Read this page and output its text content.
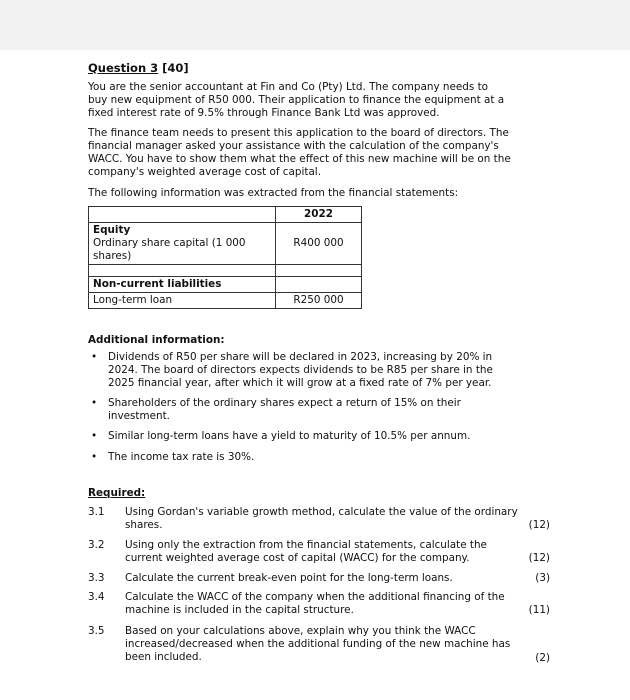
Question 3 [40]
You are the senior accountant at Fin and Co (Pty) Ltd. The company needs to
buy new equipment of R50 000. Their application to finance the equipment at a
fixed interest rate of 9.5% through Finance Bank Ltd was approved.
The finance team needs to present this application to the board of directors. The
financial manager asked your assistance with the calculation of the company's
WACC. You have to show them what the effect of this new machine will be on the
company's weighted average cost of capital.
The following information was extracted from the financial statements:
	2022

Equity
Ordinary share capital (1 000
shares)	R400 000

Non-current liabilities	
Long-term loan	R250 000
Additional information:
• Dividends of R50 per share will be declared in 2023, increasing by 20% in
2024. The board of directors expects dividends to be R85 per share in the
2025 financial year, after which it will grow at a fixed rate of 7% per year.
• Shareholders of the ordinary shares expect a return of 15% on their
investment.
• Similar long-term loans have a yield to maturity of 10.5% per annum.
• The income tax rate is 30%.
Required:
3.1 Using Gordan's variable growth method, calculate the value of the ordinary
shares.	(12)
3.2 Using only the extraction from the financial statements, calculate the
current weighted average cost of capital (WACC) for the company.	(12)
3.3 Calculate the current break-even point for the long-term loans.	(3)
3.4 Calculate the WACC of the company when the additional financing of the
machine is included in the capital structure.	(11)
3.5 Based on your calculations above, explain why you think the WACC
increased/decreased when the additional funding of the new machine has
been included.	(2)
